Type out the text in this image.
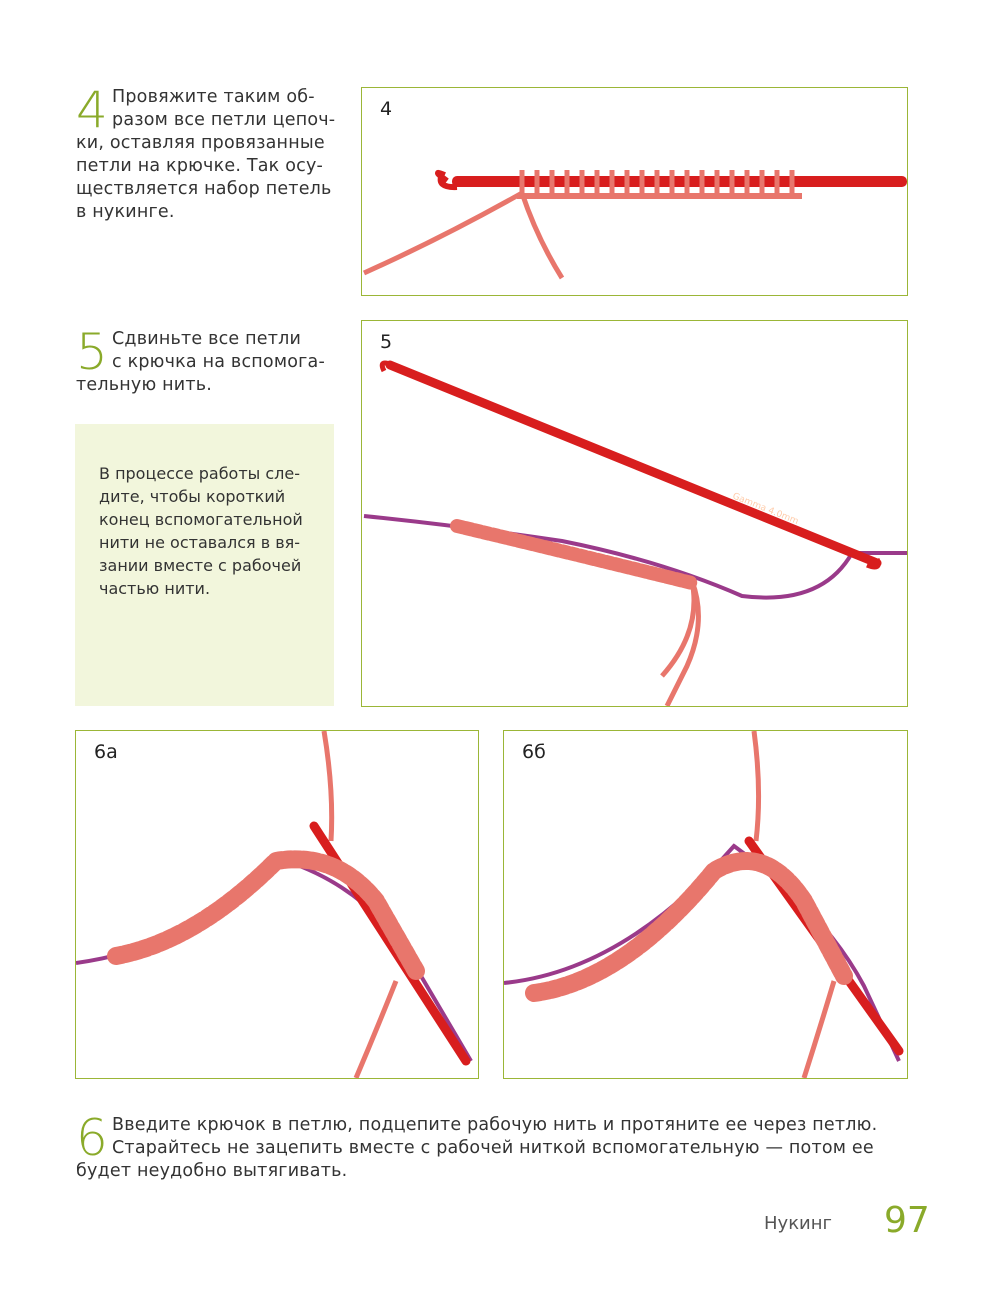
4 Провяжите таким об-
разом все петли цепоч-
ки, оставляя провязанные
петли на крючке. Так осу-
ществляется набор петель
в нукинге.
4
5 Сдвиньте все петли
с крючка на вспомога-
тельную нить.
В процессе работы сле-
дите, чтобы короткий
конец вспомогательной
нити не оставался в вя-
зании вместе с рабочей
частью нити.
5
Gamma 4.0mm
6а	6б
6 Введите крючок в петлю, подцепите рабочую нить и протяните ее через петлю.
Старайтесь не зацепить вместе с рабочей ниткой вспомогательную — потом ее
будет неудобно вытягивать.
Нукинг 97
